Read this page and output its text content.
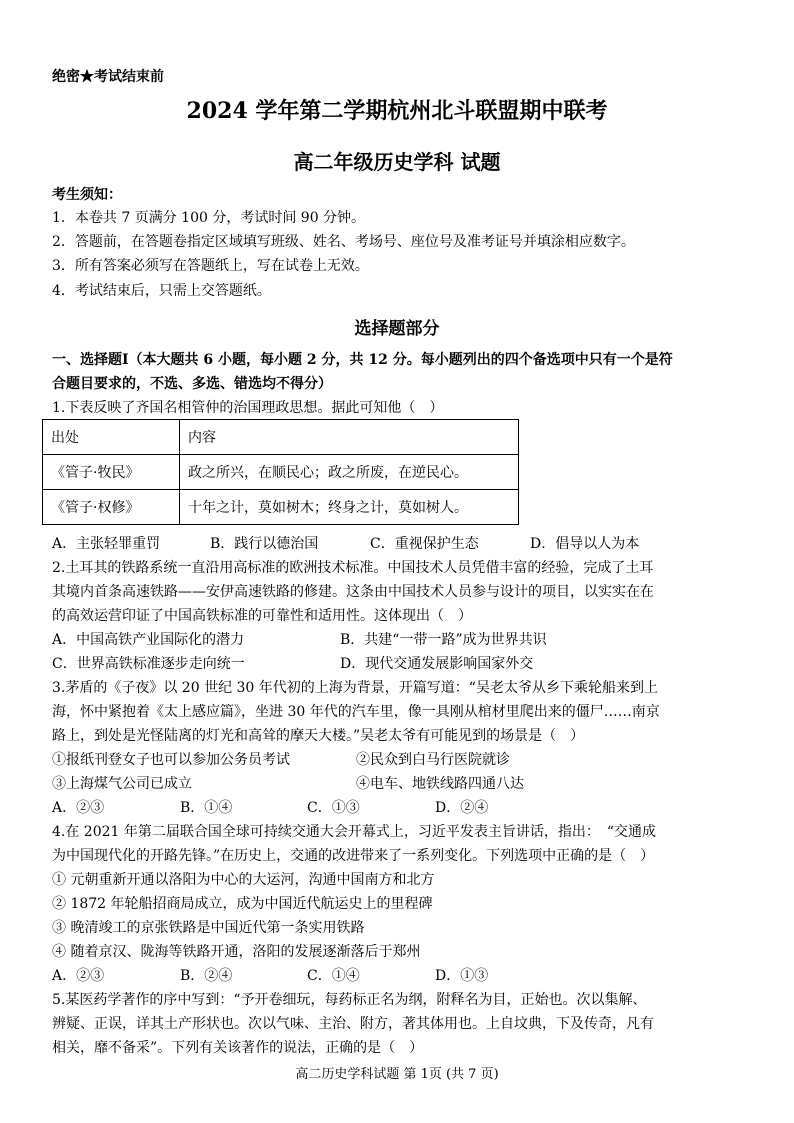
绝密★考试结束前
2024 学年第二学期杭州北斗联盟期中联考
高二年级历史学科 试题
考生须知：
1．本卷共 7 页满分 100 分，考试时间 90 分钟。
2．答题前，在答题卷指定区域填写班级、姓名、考场号、座位号及准考证号并填涂相应数字。
3．所有答案必须写在答题纸上，写在试卷上无效。
4．考试结束后，只需上交答题纸。
选择题部分
一、选择题Ⅰ（本大题共 6 小题，每小题 2 分，共 12 分。每小题列出的四个备选项中只有一个是符
合题目要求的，不选、多选、错选均不得分）
1.下表反映了齐国名相管仲的治国理政思想。据此可知他（　）
出处	内容
《管子·牧民》	政之所兴，在顺民心；政之所废，在逆民心。
《管子·权修》	十年之计，莫如树木；终身之计，莫如树人。
A．主张轻罪重罚	B．践行以德治国	C．重视保护生态	D．倡导以人为本
2.土耳其的铁路系统一直沿用高标准的欧洲技术标准。中国技术人员凭借丰富的经验，完成了土耳
其境内首条高速铁路——安伊高速铁路的修建。这条由中国技术人员参与设计的项目，以实实在在
的高效运营印证了中国高铁标准的可靠性和适用性。这体现出（　）
A．中国高铁产业国际化的潜力	B．共建“一带一路”成为世界共识
C．世界高铁标准逐步走向统一	D．现代交通发展影响国家外交
3.茅盾的《子夜》以 20 世纪 30 年代初的上海为背景，开篇写道：“吴老太爷从乡下乘轮船来到上
海，怀中紧抱着《太上感应篇》，坐进 30 年代的汽车里，像一具刚从棺材里爬出来的僵尸……南京
路上，到处是光怪陆离的灯光和高耸的摩天大楼。”吴老太爷有可能见到的场景是（　）
①报纸刊登女子也可以参加公务员考试	②民众到白马行医院就诊
③上海煤气公司已成立	④电车、地铁线路四通八达
A．②③	B．①④	C．①③	D．②④
4.在 2021 年第二届联合国全球可持续交通大会开幕式上，习近平发表主旨讲话，指出：　“交通成
为中国现代化的开路先锋。”在历史上，交通的改进带来了一系列变化。下列选项中正确的是（　）
① 元朝重新开通以洛阳为中心的大运河，沟通中国南方和北方
② 1872 年轮船招商局成立，成为中国近代航运史上的里程碑
③ 晚清竣工的京张铁路是中国近代第一条实用铁路
④ 随着京汉、陇海等铁路开通，洛阳的发展逐渐落后于郑州
A．②③	B．②④	C．①④	D．①③
5.某医药学著作的序中写到：“予开卷细玩，每药标正名为纲，附释名为目，正始也。次以集解、
辨疑、正误，详其土产形状也。次以气味、主治、附方，著其体用也。上自坟典，下及传奇，凡有
相关，靡不备采”。下列有关该著作的说法，正确的是（　）
高二历史学科试题 第 1页 (共 7 页)
